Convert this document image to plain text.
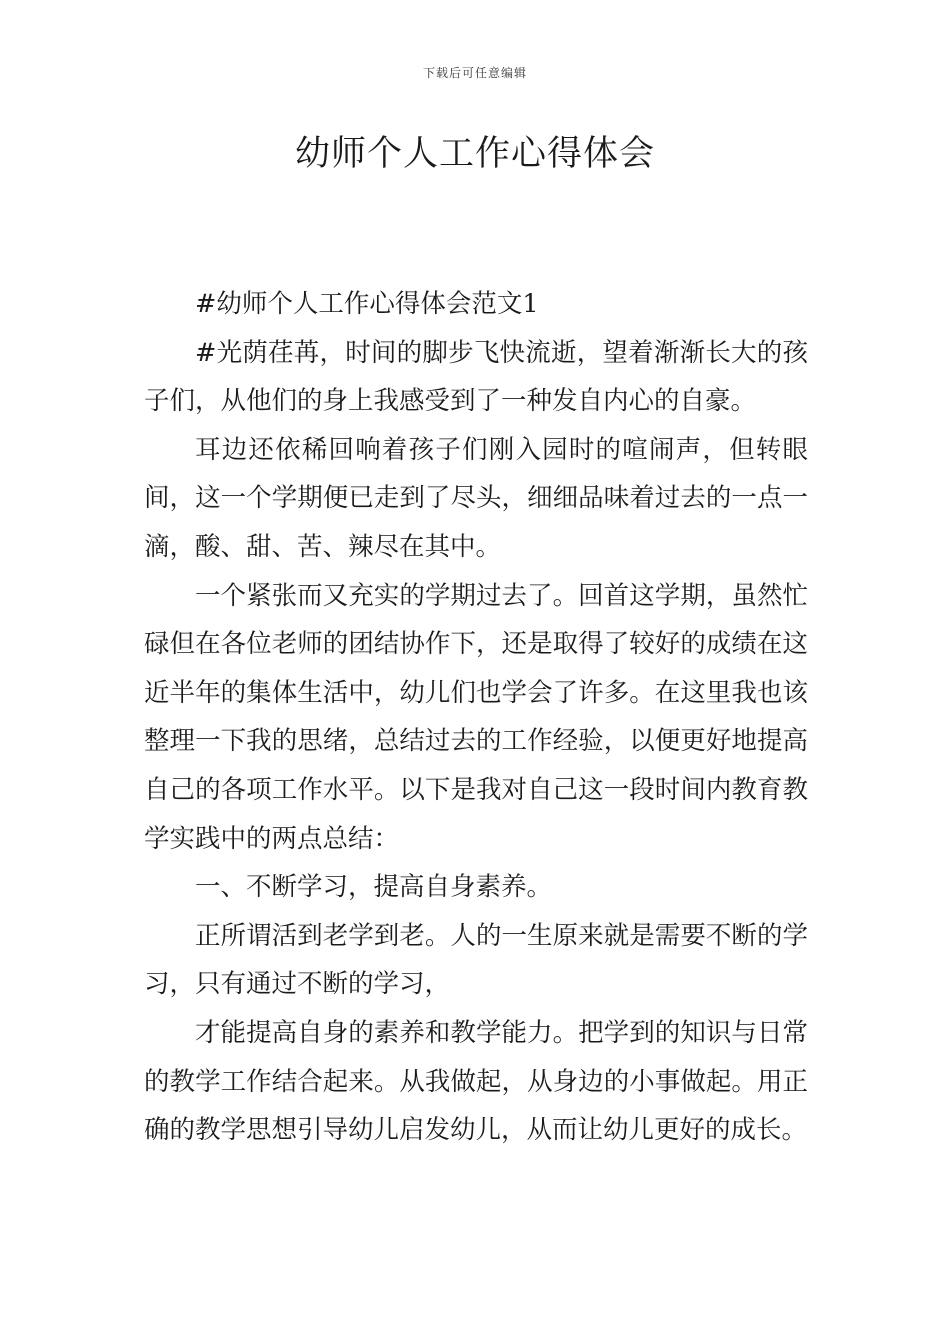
下载后可任意编辑
幼师个人工作心得体会

#幼师个人工作心得体会范文1

#光荫荏苒，时间的脚步飞快流逝，望着渐渐长大的孩子们，从他们的身上我感受到了一种发自内心的自豪。

耳边还依稀回响着孩子们刚入园时的喧闹声，但转眼间，这一个学期便已走到了尽头，细细品味着过去的一点一滴，酸、甜、苦、辣尽在其中。

一个紧张而又充实的学期过去了。回首这学期，虽然忙碌但在各位老师的团结协作下，还是取得了较好的成绩在这近半年的集体生活中，幼儿们也学会了许多。在这里我也该整理一下我的思绪，总结过去的工作经验，以便更好地提高自己的各项工作水平。以下是我对自己这一段时间内教育教学实践中的两点总结：

一、不断学习，提高自身素养。

正所谓活到老学到老。人的一生原来就是需要不断的学习，只有通过不断的学习，

才能提高自身的素养和教学能力。把学到的知识与日常的教学工作结合起来。从我做起，从身边的小事做起。用正确的教学思想引导幼儿启发幼儿，从而让幼儿更好的成长。
